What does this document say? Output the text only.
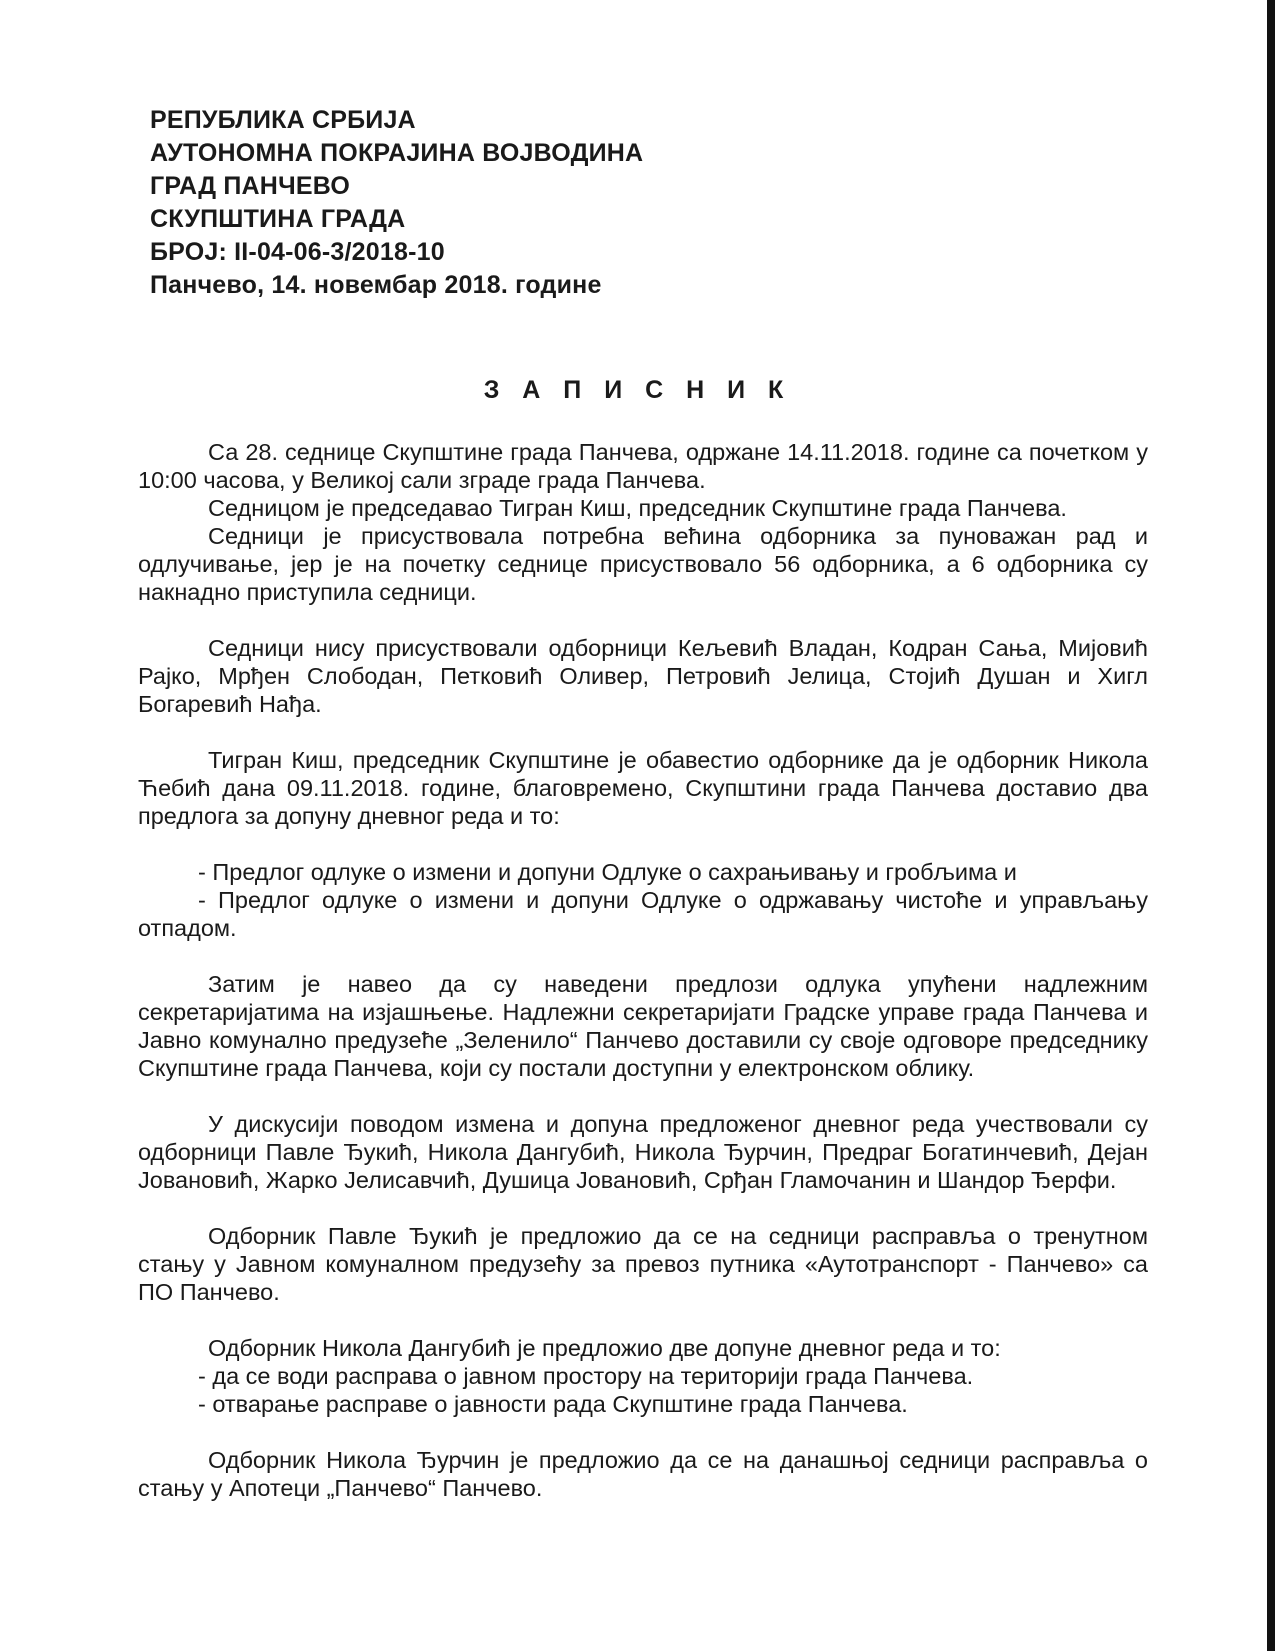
РЕПУБЛИКА СРБИЈА
АУТОНОМНА ПОКРАЈИНА ВОЈВОДИНА
ГРАД ПАНЧЕВО
СКУПШТИНА ГРАДА
БРОЈ: II-04-06-3/2018-10
Панчево, 14. новембар 2018. године
З А П И С Н И К

Са 28. седнице Скупштине града Панчева, одржане 14.11.2018. године са почетком у 10:00 часова, у Великој сали зграде града Панчева.

Седницом је председавао Тигран Киш, председник Скупштине града Панчева.

Седници је присуствовала потребна већина одборника за пуноважан рад и одлучивање, јер је на почетку седнице присуствовало 56 одборника, а 6 одборника су накнадно приступила седници.

Седници нису присуствовали одборници Кељевић Владан, Кодран Сања, Мијовић Рајко, Мрђен Слободан, Петковић Оливер, Петровић Јелица, Стојић Душан и Хигл Богаревић Нађа.

Тигран Киш, председник Скупштине је обавестио одборнике да је одборник Никола Ћебић дана 09.11.2018. године, благовремено, Скупштини града Панчева доставио два предлога за допуну дневног реда и то:

- Предлог одлуке о измени и допуни Одлуке о сахрањивању и гробљима и

- Предлог одлуке о измени и допуни Одлуке о одржавању чистоће и управљању отпадом.

Затим је навео да су наведени предлози одлука упућени надлежним секретаријатима на изјашњење. Надлежни секретаријати Градске управе града Панчева и Јавно комунално предузеће „Зеленило“ Панчево доставили су своје одговоре председнику Скупштине града Панчева, који су постали доступни у електронском облику.

У дискусији поводом измена и допуна предложеног дневног реда учествовали су одборници Павле Ђукић, Никола Дангубић, Никола Ђурчин, Предраг Богатинчевић, Дејан Јовановић, Жарко Јелисавчић, Душица Јовановић, Срђан Гламочанин и Шандор Ђерфи.

Одборник Павле Ђукић је предложио да се на седници расправља о тренутном стању у Јавном комуналном предузећу за превоз путника «Аутотранспорт - Панчево» са ПО Панчево.

Одборник Никола Дангубић је предложио две допуне дневног реда и то:

- да се води расправа о јавном простору на територији града Панчева.

- отварање расправе о јавности рада Скупштине града Панчева.

Одборник Никола Ђурчин је предложио да се на данашњој седници расправља о стању у Апотеци „Панчево“ Панчево.
